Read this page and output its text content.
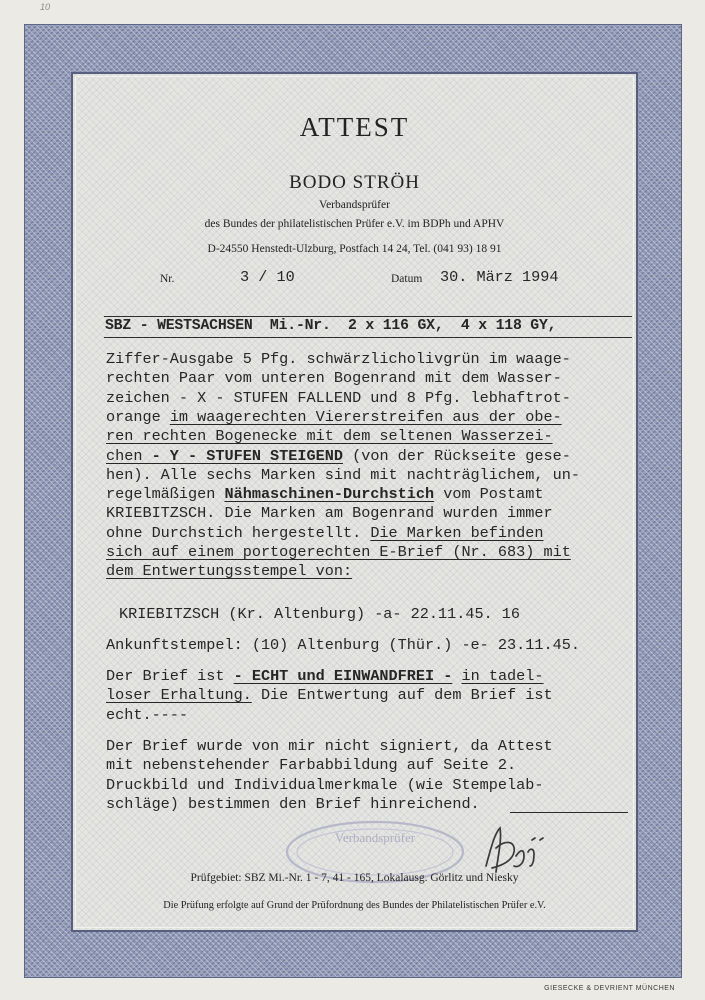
10
ATTEST
BODO STRÖH
Verbandsprüfer
des Bundes der philatelistischen Prüfer e.V. im BDPh und APHV
D-24550 Henstedt-Ulzburg, Postfach 14 24, Tel. (041 93) 18 91
Nr.	3 / 10	Datum 30. März 1994
SBZ - WESTSACHSEN  Mi.-Nr.  2 x 116 GX,  4 x 118 GY,
Ziffer-Ausgabe 5 Pfg. schwärzlicholivgrün im waage-
rechten Paar vom unteren Bogenrand mit dem Wasser-
zeichen - X - STUFEN FALLEND und 8 Pfg. lebhaftrot-
orange im waagerechten Viererstreifen aus der obe-
ren rechten Bogenecke mit dem seltenen Wasserzei-
chen - Y - STUFEN STEIGEND (von der Rückseite gese-
hen). Alle sechs Marken sind mit nachträglichem, un-
regelmäßigen Nähmaschinen-Durchstich vom Postamt
KRIEBITZSCH. Die Marken am Bogenrand wurden immer
ohne Durchstich hergestellt. Die Marken befinden
sich auf einem portogerechten E-Brief (Nr. 683) mit
dem Entwertungsstempel von:
KRIEBITZSCH (Kr. Altenburg) -a- 22.11.45. 16
Ankunftstempel: (10) Altenburg (Thür.) -e- 23.11.45.
Der Brief ist - ECHT und EINWANDFREI - in tadel-
loser Erhaltung. Die Entwertung auf dem Brief ist
echt.----
Der Brief wurde von mir nicht signiert, da Attest
mit nebenstehender Farbabbildung auf Seite 2.
Druckbild und Individualmerkmale (wie Stempelab-
schläge) bestimmen den Brief hinreichend.
Verbandsprüfer
Prüfgebiet: SBZ Mi.-Nr. 1 - 7, 41 - 165, Lokalausg. Görlitz und Niesky
Die Prüfung erfolgte auf Grund der Prüfordnung des Bundes der Philatelistischen Prüfer e.V.
GIESECKE & DEVRIENT MÜNCHEN
